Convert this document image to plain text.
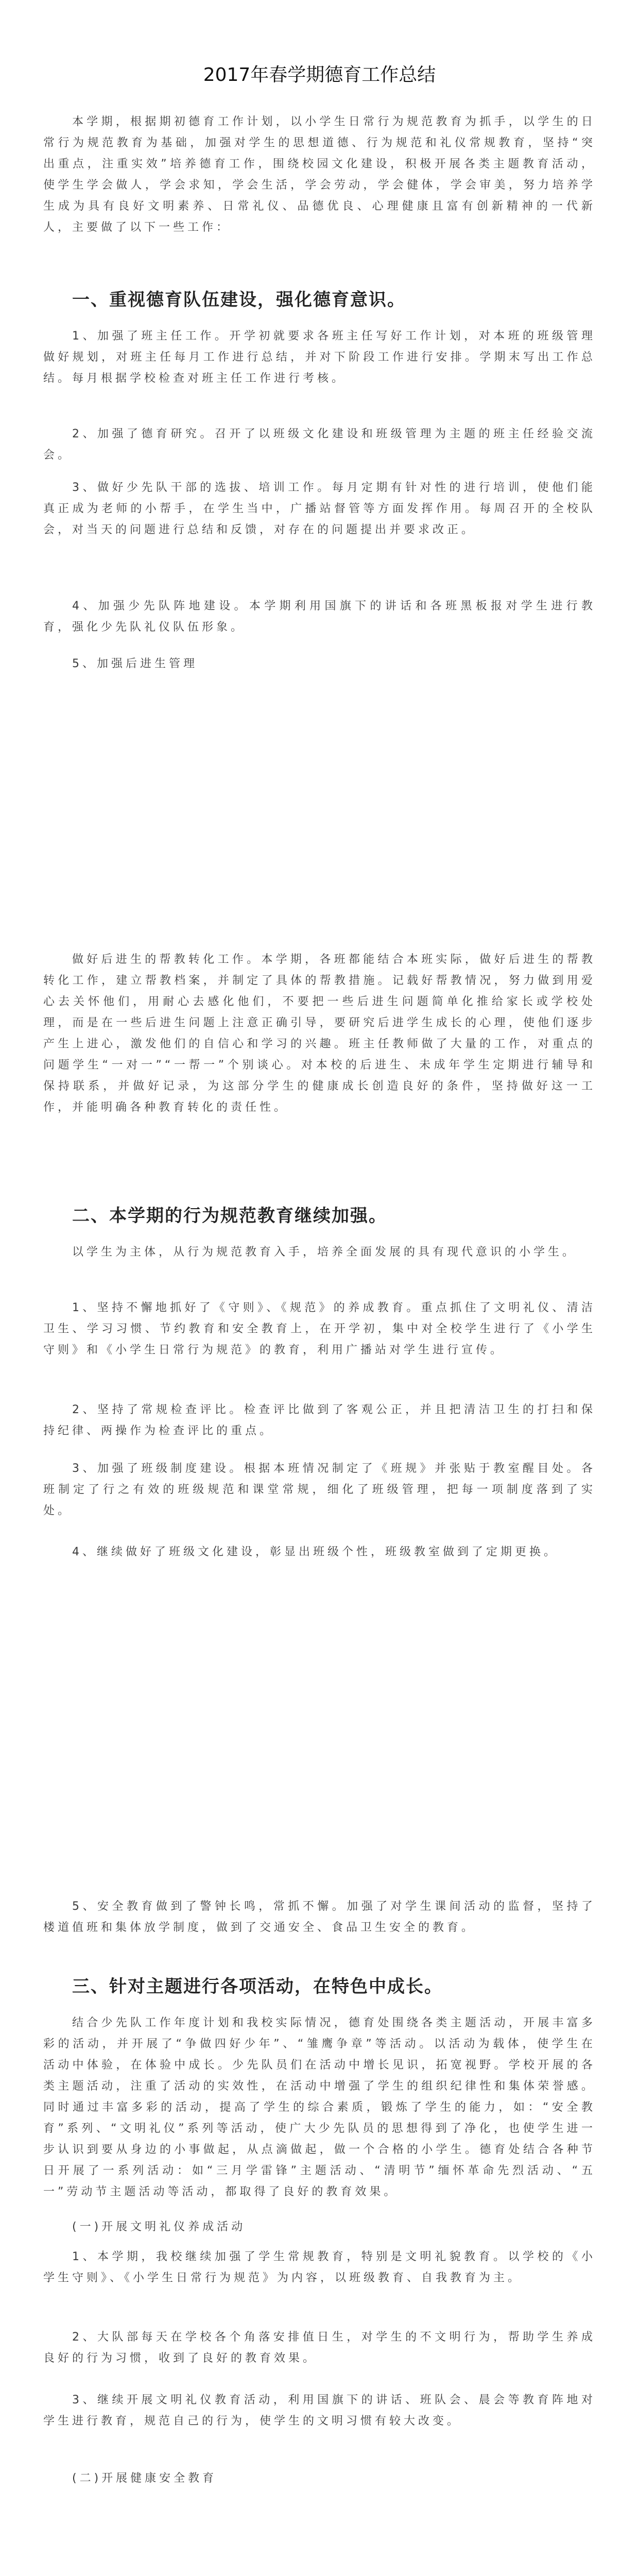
2017年春学期德育工作总结

本学期，根据期初德育工作计划，以小学生日常行为规范教育为抓手，以学生的日常行为规范教育为基础，加强对学生的思想道德、行为规范和礼仪常规教育，坚持“突出重点，注重实效”培养德育工作，围绕校园文化建设，积极开展各类主题教育活动，使学生学会做人，学会求知，学会生活，学会劳动，学会健体，学会审美，努力培养学生成为具有良好文明素养、日常礼仪、品德优良、心理健康且富有创新精神的一代新人，主要做了以下一些工作：

一、重视德育队伍建设，强化德育意识。

1、加强了班主任工作。开学初就要求各班主任写好工作计划，对本班的班级管理做好规划，对班主任每月工作进行总结，并对下阶段工作进行安排。学期末写出工作总结。每月根据学校检查对班主任工作进行考核。

2、加强了德育研究。召开了以班级文化建设和班级管理为主题的班主任经验交流会。

3、做好少先队干部的选拔、培训工作。每月定期有针对性的进行培训，使他们能真正成为老师的小帮手，在学生当中，广播站督管等方面发挥作用。每周召开的全校队会，对当天的问题进行总结和反馈，对存在的问题提出并要求改正。

4、加强少先队阵地建设。本学期利用国旗下的讲话和各班黑板报对学生进行教育，强化少先队礼仪队伍形象。

5、加强后进生管理

做好后进生的帮教转化工作。本学期，各班都能结合本班实际，做好后进生的帮教转化工作，建立帮教档案，并制定了具体的帮教措施。记载好帮教情况，努力做到用爱心去关怀他们，用耐心去感化他们，不要把一些后进生问题简单化推给家长或学校处理，而是在一些后进生问题上注意正确引导，要研究后进学生成长的心理，使他们逐步产生上进心，激发他们的自信心和学习的兴趣。班主任教师做了大量的工作，对重点的问题学生“一对一”“一帮一”个别谈心。对本校的后进生、未成年学生定期进行辅导和保持联系，并做好记录，为这部分学生的健康成长创造良好的条件，坚持做好这一工作，并能明确各种教育转化的责任性。

二、本学期的行为规范教育继续加强。

以学生为主体，从行为规范教育入手，培养全面发展的具有现代意识的小学生。

1、坚持不懈地抓好了《守则》、《规范》的养成教育。重点抓住了文明礼仪、清洁卫生、学习习惯、节约教育和安全教育上，在开学初，集中对全校学生进行了《小学生守则》和《小学生日常行为规范》的教育，利用广播站对学生进行宣传。

2、坚持了常规检查评比。检查评比做到了客观公正，并且把清洁卫生的打扫和保持纪律、两操作为检查评比的重点。

3、加强了班级制度建设。根据本班情况制定了《班规》并张贴于教室醒目处。各班制定了行之有效的班级规范和课堂常规，细化了班级管理，把每一项制度落到了实处。

4、继续做好了班级文化建设，彰显出班级个性，班级教室做到了定期更换。

5、安全教育做到了警钟长鸣，常抓不懈。加强了对学生课间活动的监督，坚持了楼道值班和集体放学制度，做到了交通安全、食品卫生安全的教育。

三、针对主题进行各项活动，在特色中成长。

结合少先队工作年度计划和我校实际情况，德育处围绕各类主题活动，开展丰富多彩的活动，并开展了“争做四好少年”、“雏鹰争章”等活动。以活动为载体，使学生在活动中体验，在体验中成长。少先队员们在活动中增长见识，拓宽视野。学校开展的各类主题活动，注重了活动的实效性，在活动中增强了学生的组织纪律性和集体荣誉感。同时通过丰富多彩的活动，提高了学生的综合素质，锻炼了学生的能力，如：“安全教育”系列、“文明礼仪”系列等活动，使广大少先队员的思想得到了净化，也使学生进一步认识到要从身边的小事做起，从点滴做起，做一个合格的小学生。德育处结合各种节日开展了一系列活动：如“三月学雷锋”主题活动、“清明节”缅怀革命先烈活动、“五一”劳动节主题活动等活动，都取得了良好的教育效果。

(一)开展文明礼仪养成活动

1、本学期，我校继续加强了学生常规教育，特别是文明礼貌教育。以学校的《小学生守则》、《小学生日常行为规范》为内容，以班级教育、自我教育为主。

2、大队部每天在学校各个角落安排值日生，对学生的不文明行为，帮助学生养成良好的行为习惯，收到了良好的教育效果。

3、继续开展文明礼仪教育活动，利用国旗下的讲话、班队会、晨会等教育阵地对学生进行教育，规范自己的行为，使学生的文明习惯有较大改变。

(二)开展健康安全教育
